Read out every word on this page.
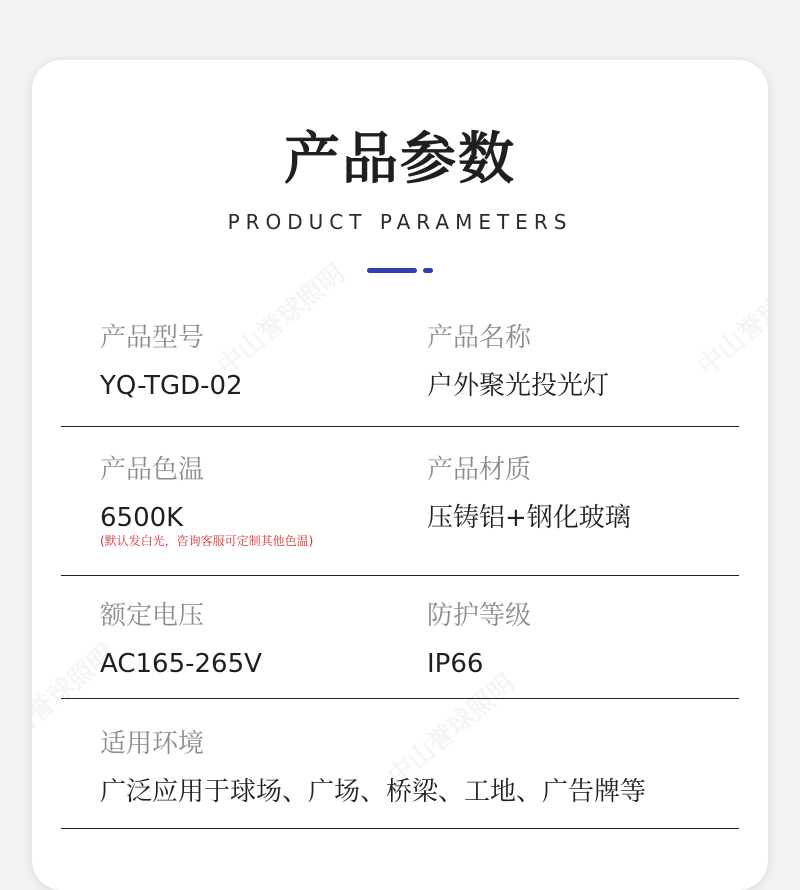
产品参数
PRODUCT PARAMETERS
产品型号
YQ-TGD-02
产品名称
户外聚光投光灯
产品色温
6500K
(默认发白光，咨询客服可定制其他色温)
产品材质
压铸铝+钢化玻璃
额定电压
AC165-265V
防护等级
IP66
适用环境
广泛应用于球场、广场、桥梁、工地、广告牌等
